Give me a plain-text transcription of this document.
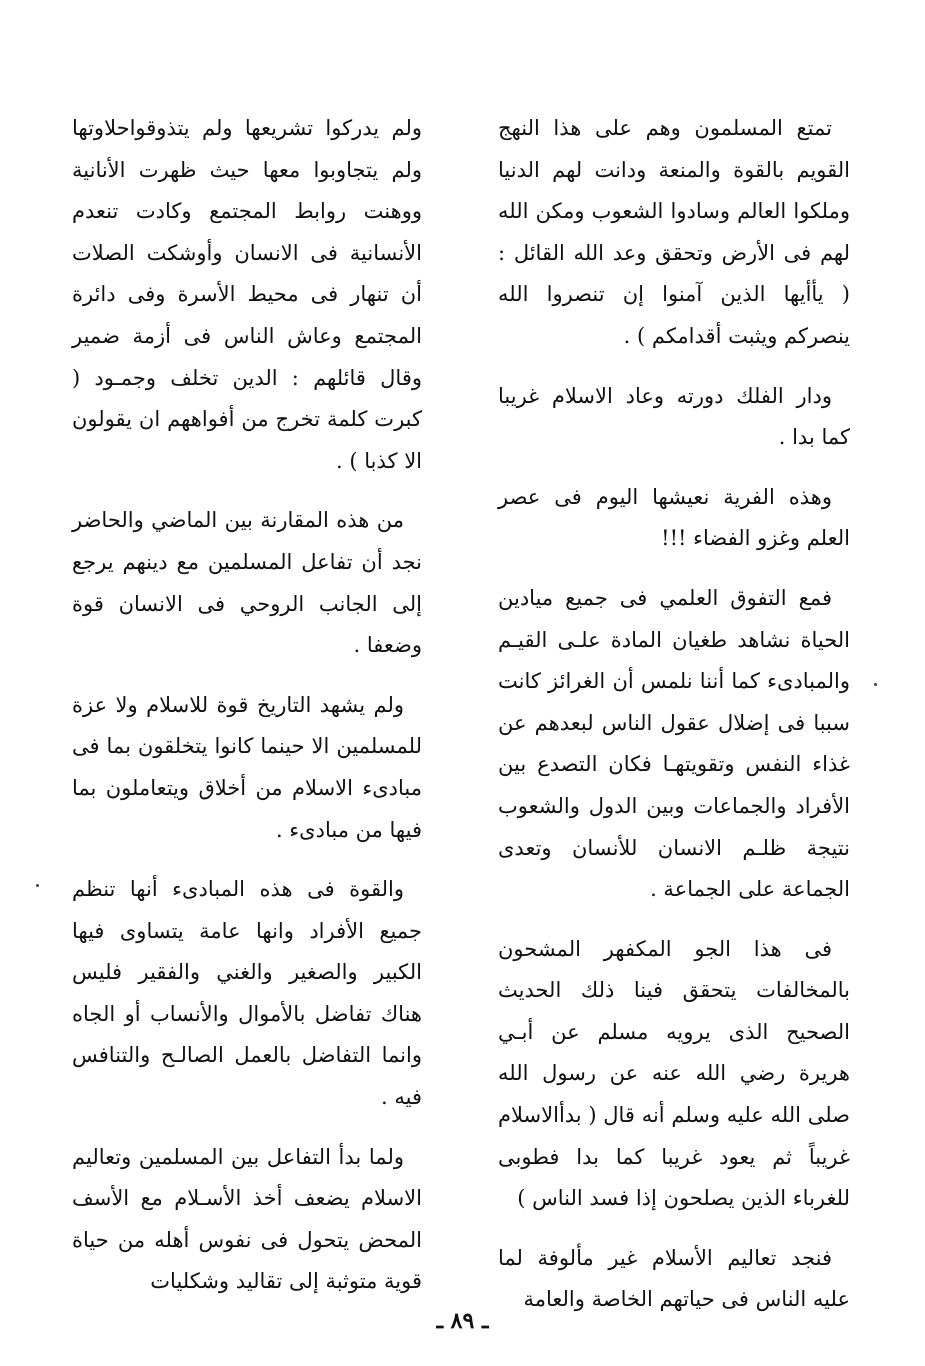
تمتع المسلمون وهم على هذا النهج القويم بالقوة والمنعة ودانت لهم الدنيا وملكوا العالم وسادوا الشعوب ومكن الله لهم فى الأرض وتحقق وعد الله القائل : ( يأأيها الذين آمنوا إن تنصروا الله ينصركم ويثبت أقدامكم ) .

ودار الفلك دورته وعاد الاسلام غريبا كما بدا .

وهذه الفرية نعيشها اليوم فى عصر العلم وغزو الفضاء !!!

فمع التفوق العلمي فى جميع ميادين الحياة نشاهد طغيان المادة علـى القيـم والمبادىء كما أننا نلمس أن الغرائز كانت سببا فى إضلال عقول الناس لبعدهم عن غذاء النفس وتقويتهـا فكان التصدع بين الأفراد والجماعات وبين الدول والشعوب نتيجة ظلـم الانسان للأنسان وتعدى الجماعة على الجماعة .

فى هذا الجو المكفهر المشحون بالمخالفات يتحقق فينا ذلك الحديث الصحيح الذى يرويه مسلم عن أبـي هريرة رضي الله عنه عن رسول الله صلى الله عليه وسلم أنه قال ( بدأالاسلام غريباً ثم يعود غريبا كما بدا فطوبى للغرباء الذين يصلحون إذا فسد الناس )

فنجد تعاليم الأسلام غير مألوفة لما عليه الناس فى حياتهم الخاصة والعامة

ولم يدركوا تشريعها ولم يتذوقواحلاوتها ولم يتجاوبوا معها حيث ظهرت الأنانية ووهنت روابط المجتمع وكادت تنعدم الأنسانية فى الانسان وأوشكت الصلات أن تنهار فى محيط الأسرة وفى دائرة المجتمع وعاش الناس فى أزمة ضمير وقال قائلهم : الدين تخلف وجمـود ( كبرت كلمة تخرج من أفواههم ان يقولون الا كذبا ) .

من هذه المقارنة بين الماضي والحاضر نجد أن تفاعل المسلمين مع دينهم يرجع إلى الجانب الروحي فى الانسان قوة وضعفا .

ولم يشهد التاريخ قوة للاسلام ولا عزة للمسلمين الا حينما كانوا يتخلقون بما فى مبادىء الاسلام من أخلاق ويتعاملون بما فيها من مبادىء .

والقوة فى هذه المبادىء أنها تنظم جميع الأفراد وانها عامة يتساوى فيها الكبير والصغير والغني والفقير فليس هناك تفاضل بالأموال والأنساب أو الجاه وانما التفاضل بالعمل الصالـح والتنافس فيه .

ولما بدأ التفاعل بين المسلمين وتعاليم الاسلام يضعف أخذ الأسـلام مع الأسف المحض يتحول فى نفوس أهله من حياة قوية متوثبة إلى تقاليد وشكليات

ـ ٨٩ ـ
